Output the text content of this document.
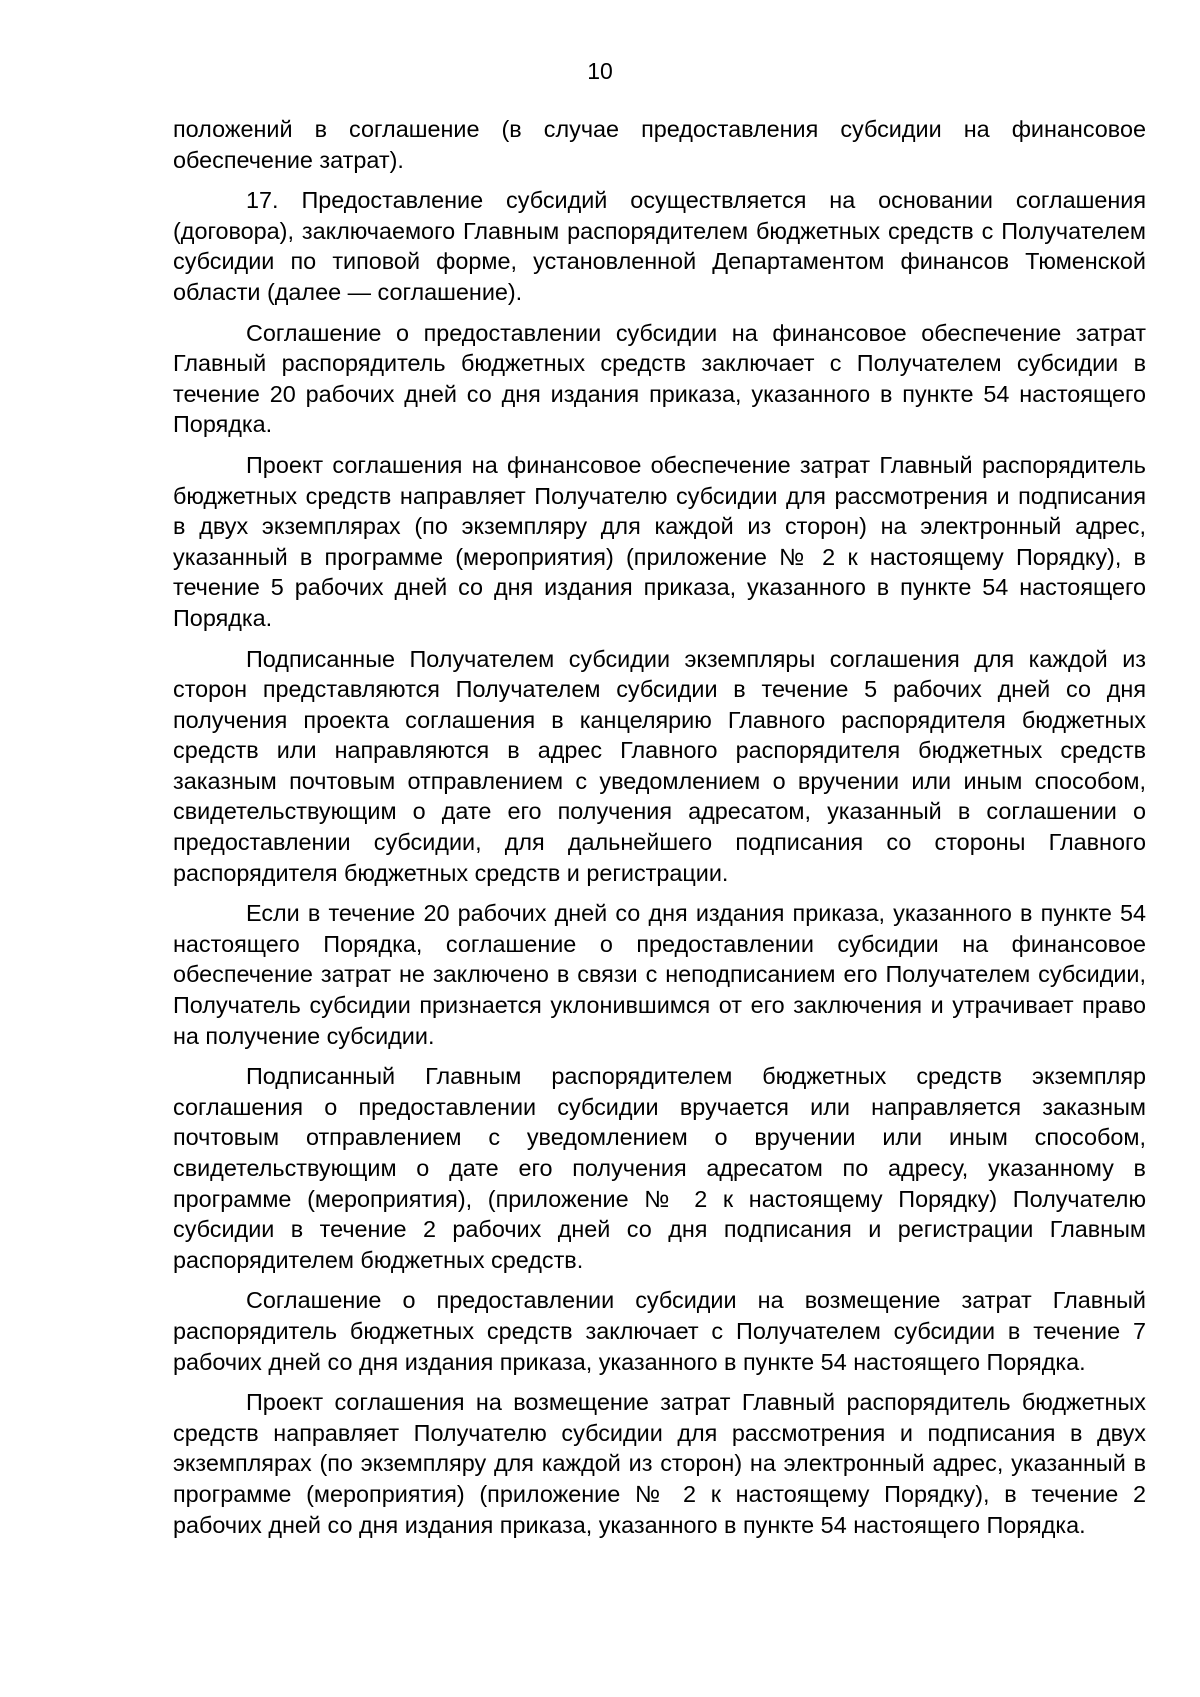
10

положений в соглашение (в случае предоставления субсидии на финансовое обеспечение затрат).

17. Предоставление субсидий осуществляется на основании соглашения (договора), заключаемого Главным распорядителем бюджетных средств с Получателем субсидии по типовой форме, установленной Департаментом финансов Тюменской области (далее — соглашение).

Соглашение о предоставлении субсидии на финансовое обеспечение затрат Главный распорядитель бюджетных средств заключает с Получателем субсидии в течение 20 рабочих дней со дня издания приказа, указанного в пункте 54 настоящего Порядка.

Проект соглашения на финансовое обеспечение затрат Главный распорядитель бюджетных средств направляет Получателю субсидии для рассмотрения и подписания в двух экземплярах (по экземпляру для каждой из сторон) на электронный адрес, указанный в программе (мероприятия) (приложение № 2 к настоящему Порядку), в течение 5 рабочих дней со дня издания приказа, указанного в пункте 54 настоящего Порядка.

Подписанные Получателем субсидии экземпляры соглашения для каждой из сторон представляются Получателем субсидии в течение 5 рабочих дней со дня получения проекта соглашения в канцелярию Главного распорядителя бюджетных средств или направляются в адрес Главного распорядителя бюджетных средств заказным почтовым отправлением с уведомлением о вручении или иным способом, свидетельствующим о дате его получения адресатом, указанный в соглашении о предоставлении субсидии, для дальнейшего подписания со стороны Главного распорядителя бюджетных средств и регистрации.

Если в течение 20 рабочих дней со дня издания приказа, указанного в пункте 54 настоящего Порядка, соглашение о предоставлении субсидии на финансовое обеспечение затрат не заключено в связи с неподписанием его Получателем субсидии, Получатель субсидии признается уклонившимся от его заключения и утрачивает право на получение субсидии.

Подписанный Главным распорядителем бюджетных средств экземпляр соглашения о предоставлении субсидии вручается или направляется заказным почтовым отправлением с уведомлением о вручении или иным способом, свидетельствующим о дате его получения адресатом по адресу, указанному в программе (мероприятия), (приложение № 2 к настоящему Порядку) Получателю субсидии в течение 2 рабочих дней со дня подписания и регистрации Главным распорядителем бюджетных средств.

Соглашение о предоставлении субсидии на возмещение затрат Главный распорядитель бюджетных средств заключает с Получателем субсидии в течение 7 рабочих дней со дня издания приказа, указанного в пункте 54 настоящего Порядка.

Проект соглашения на возмещение затрат Главный распорядитель бюджетных средств направляет Получателю субсидии для рассмотрения и подписания в двух экземплярах (по экземпляру для каждой из сторон) на электронный адрес, указанный в программе (мероприятия) (приложение № 2 к настоящему Порядку), в течение 2 рабочих дней со дня издания приказа, указанного в пункте 54 настоящего Порядка.
